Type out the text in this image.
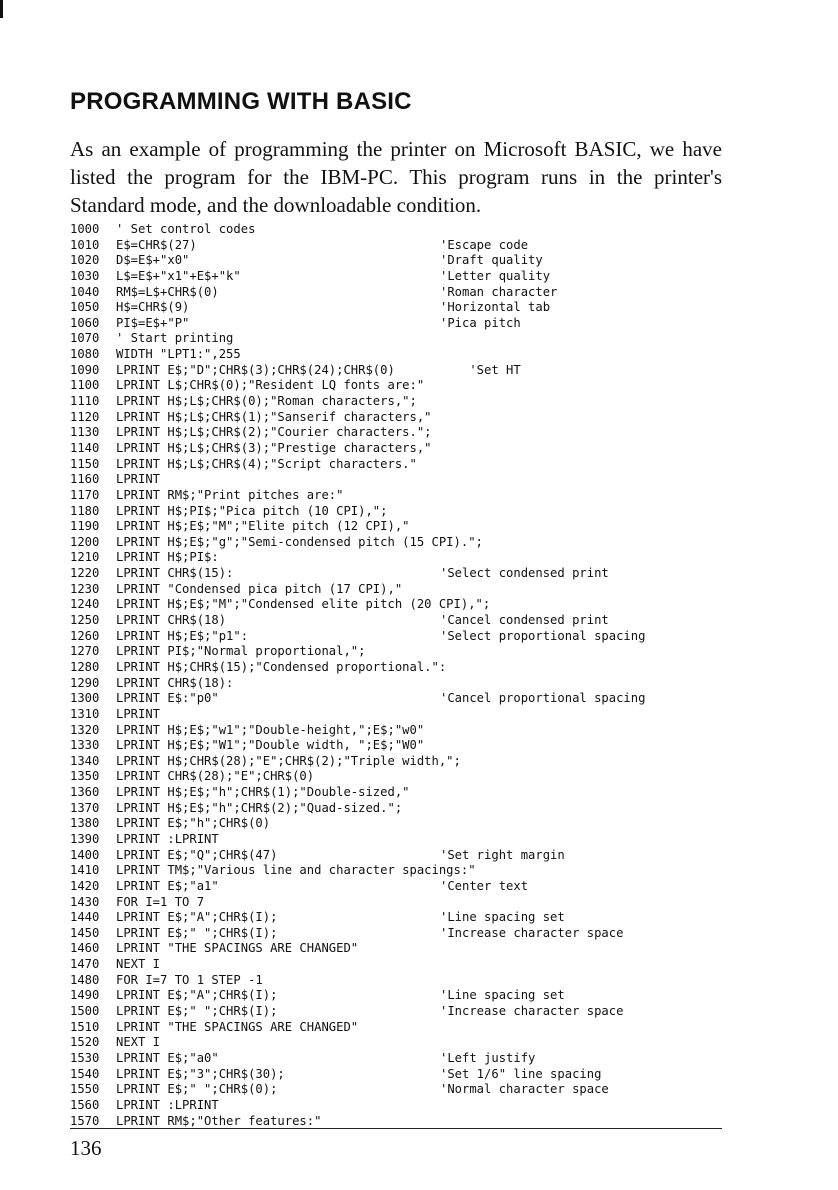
PROGRAMMING WITH BASIC

As an example of programming the printer on Microsoft BASIC, we have listed the program for the IBM-PC. This program runs in the printer's Standard mode, and the downloadable condition.

1000 ' Set control codes
1010 E$=CHR$(27)	'Escape code
1020 D$=E$+"x0"	'Draft quality
1030 L$=E$+"x1"+E$+"k"	'Letter quality
1040 RM$=L$+CHR$(0)	'Roman character
1050 H$=CHR$(9)	'Horizontal tab
1060 PI$=E$+"P"	'Pica pitch
1070 ' Start printing
1080 WIDTH "LPT1:",255
1090 LPRINT E$;"D";CHR$(3);CHR$(24);CHR$(0)	'Set HT
1100 LPRINT L$;CHR$(0);"Resident LQ fonts are:"
1110 LPRINT H$;L$;CHR$(0);"Roman characters,";
1120 LPRINT H$;L$;CHR$(1);"Sanserif characters,"
1130 LPRINT H$;L$;CHR$(2);"Courier characters.";
1140 LPRINT H$;L$;CHR$(3);"Prestige characters,"
1150 LPRINT H$;L$;CHR$(4);"Script characters."
1160 LPRINT
1170 LPRINT RM$;"Print pitches are:"
1180 LPRINT H$;PI$;"Pica pitch (10 CPI),";
1190 LPRINT H$;E$;"M";"Elite pitch (12 CPI),"
1200 LPRINT H$;E$;"g";"Semi-condensed pitch (15 CPI).";
1210 LPRINT H$;PI$:
1220 LPRINT CHR$(15):	'Select condensed print
1230 LPRINT "Condensed pica pitch (17 CPI),"
1240 LPRINT H$;E$;"M";"Condensed elite pitch (20 CPI),";
1250 LPRINT CHR$(18)	'Cancel condensed print
1260 LPRINT H$;E$;"p1":	'Select proportional spacing
1270 LPRINT PI$;"Normal proportional,";
1280 LPRINT H$;CHR$(15);"Condensed proportional.":
1290 LPRINT CHR$(18):
1300 LPRINT E$:"p0"	'Cancel proportional spacing
1310 LPRINT
1320 LPRINT H$;E$;"w1";"Double-height,";E$;"w0"
1330 LPRINT H$;E$;"W1";"Double width, ";E$;"W0"
1340 LPRINT H$;CHR$(28);"E";CHR$(2);"Triple width,";
1350 LPRINT CHR$(28);"E";CHR$(0)
1360 LPRINT H$;E$;"h";CHR$(1);"Double-sized,"
1370 LPRINT H$;E$;"h";CHR$(2);"Quad-sized.";
1380 LPRINT E$;"h";CHR$(0)
1390 LPRINT :LPRINT
1400 LPRINT E$;"Q";CHR$(47)	'Set right margin
1410 LPRINT TM$;"Various line and character spacings:"
1420 LPRINT E$;"a1"	'Center text
1430 FOR I=1 TO 7
1440 LPRINT E$;"A";CHR$(I);	'Line spacing set
1450 LPRINT E$;" ";CHR$(I);	'Increase character space
1460 LPRINT "THE SPACINGS ARE CHANGED"
1470 NEXT I
1480 FOR I=7 TO 1 STEP -1
1490 LPRINT E$;"A";CHR$(I);	'Line spacing set
1500 LPRINT E$;" ";CHR$(I);	'Increase character space
1510 LPRINT "THE SPACINGS ARE CHANGED"
1520 NEXT I
1530 LPRINT E$;"a0"	'Left justify
1540 LPRINT E$;"3";CHR$(30);	'Set 1/6" line spacing
1550 LPRINT E$;" ";CHR$(0);	'Normal character space
1560 LPRINT :LPRINT
1570 LPRINT RM$;"Other features:"
136
